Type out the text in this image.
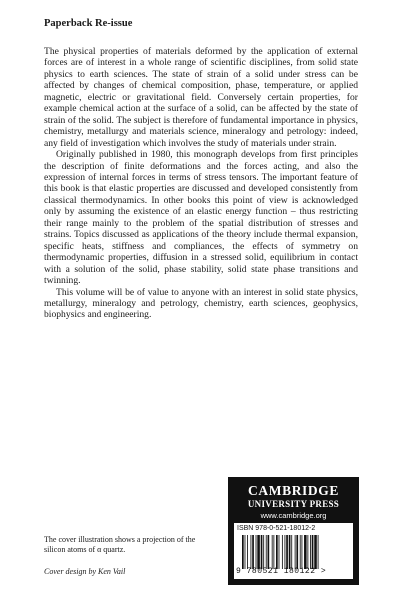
Paperback Re-issue

The physical properties of materials deformed by the application of external forces are of interest in a whole range of scientific disciplines, from solid state physics to earth sciences. The state of strain of a solid under stress can be affected by changes of chemical composition, phase, temperature, or applied magnetic, electric or gravitational field. Conversely certain properties, for example chemical action at the surface of a solid, can be affected by the state of strain of the solid. The subject is therefore of fundamental importance in physics, chemistry, metallurgy and materials science, mineralogy and petrology: indeed, any field of investigation which involves the study of materials under strain.

Originally published in 1980, this monograph develops from first principles the description of finite deformations and the forces acting, and also the expression of internal forces in terms of stress tensors. The important feature of this book is that elastic properties are discussed and developed consistently from classical thermodynamics. In other books this point of view is acknowledged only by assuming the existence of an elastic energy function – thus restricting their range mainly to the problem of the spatial distribution of stresses and strains. Topics discussed as applications of the theory include thermal expansion, specific heats, stiffness and compliances, the effects of symmetry on thermodynamic properties, diffusion in a stressed solid, equilibrium in contact with a solution of the solid, phase stability, solid state phase transitions and twinning.

This volume will be of value to anyone with an interest in solid state physics, metallurgy, mineralogy and petrology, chemistry, earth sciences, geophysics, biophysics and engineering.

The cover illustration shows a projection of the silicon atoms of α quartz.
Cover design by Ken Vail
CAMBRIDGE
UNIVERSITY PRESS
www.cambridge.org
ISBN 978-0-521-18012-2
9 780521 180122 >
